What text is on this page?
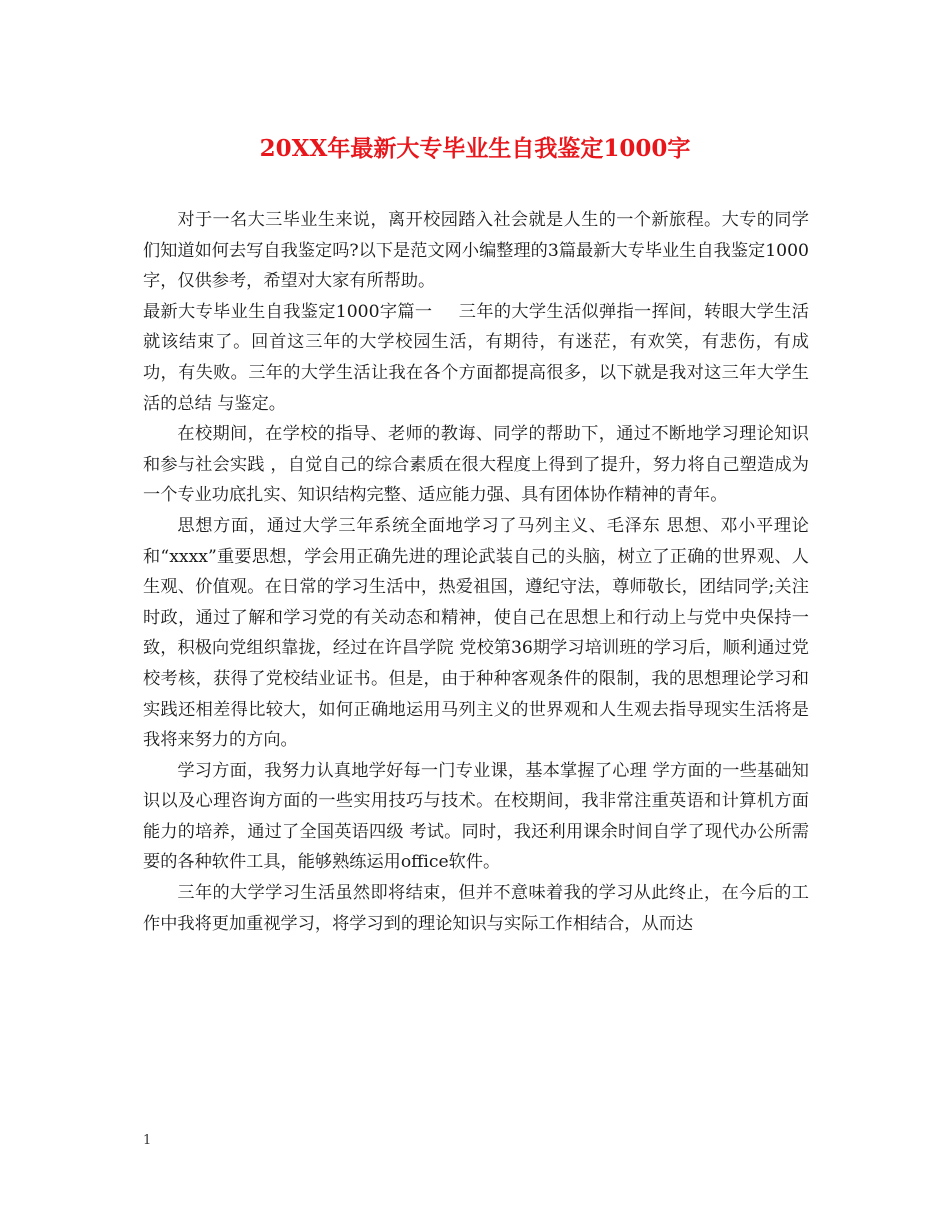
20XX年最新大专毕业生自我鉴定1000字

对于一名大三毕业生来说，离开校园踏入社会就是人生的一个新旅程。大专的同学们知道如何去写自我鉴定吗?以下是范文网小编整理的3篇最新大专毕业生自我鉴定1000字，仅供参考，希望对大家有所帮助。

最新大专毕业生自我鉴定1000字篇一 三年的大学生活似弹指一挥间，转眼大学生活就该结束了。回首这三年的大学校园生活，有期待，有迷茫，有欢笑，有悲伤，有成功，有失败。三年的大学生活让我在各个方面都提高很多，以下就是我对这三年大学生活的总结 与鉴定。

在校期间，在学校的指导、老师的教诲、同学的帮助下，通过不断地学习理论知识和参与社会实践 ，自觉自己的综合素质在很大程度上得到了提升，努力将自己塑造成为一个专业功底扎实、知识结构完整、适应能力强、具有团体协作精神的青年。

思想方面，通过大学三年系统全面地学习了马列主义、毛泽东 思想、邓小平理论和“xxxx”重要思想，学会用正确先进的理论武装自己的头脑，树立了正确的世界观、人生观、价值观。在日常的学习生活中，热爱祖国，遵纪守法，尊师敬长，团结同学;关注时政，通过了解和学习党的有关动态和精神，使自己在思想上和行动上与党中央保持一致，积极向党组织靠拢，经过在许昌学院 党校第36期学习培训班的学习后，顺利通过党校考核，获得了党校结业证书。但是，由于种种客观条件的限制，我的思想理论学习和实践还相差得比较大，如何正确地运用马列主义的世界观和人生观去指导现实生活将是我将来努力的方向。

学习方面，我努力认真地学好每一门专业课，基本掌握了心理 学方面的一些基础知识以及心理咨询方面的一些实用技巧与技术。在校期间，我非常注重英语和计算机方面能力的培养，通过了全国英语四级 考试。同时，我还利用课余时间自学了现代办公所需要的各种软件工具，能够熟练运用office软件。

三年的大学学习生活虽然即将结束，但并不意味着我的学习从此终止，在今后的工作中我将更加重视学习，将学习到的理论知识与实际工作相结合，从而达

1
